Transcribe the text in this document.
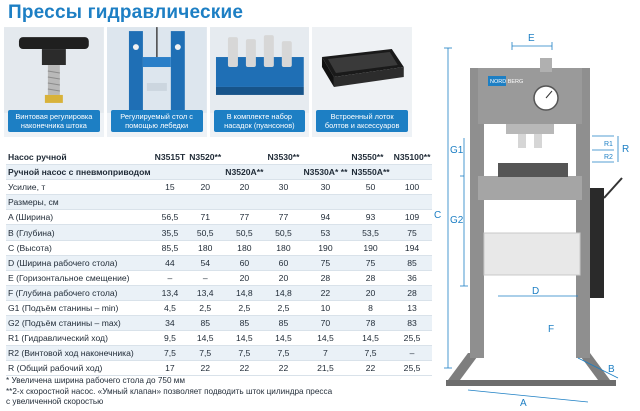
Прессы гидравлические
Винтовая регулировка наконечника штока
Регулируемый стол с помощью лебедки
В комплекте набор насадок (пуансонов)
Встроенный лоток болтов и аксессуаров
Насос ручной	N3515T	N3520**		N3530**		N3550**	N35100**
Ручной насос с пневмоприводом			N3520A**		N3530A* **	N3550A**	
Усилие, т	15	20	20	30	30	50	100
Размеры, см							
A (Ширина)	56,5	71	77	77	94	93	109
B (Глубина)	35,5	50,5	50,5	50,5	53	53,5	75
C (Высота)	85,5	180	180	180	190	190	194
D (Ширина рабочего стола)	44	54	60	60	75	75	85
E (Горизонтальное смещение)	–	–	20	20	28	28	36
F (Глубина рабочего стола)	13,4	13,4	14,8	14,8	22	20	28
G1 (Подъём станины – min)	4,5	2,5	2,5	2,5	10	8	13
G2 (Подъём станины – max)	34	85	85	85	70	78	83
R1 (Гидравлический ход)	9,5	14,5	14,5	14,5	14,5	14,5	25,5
R2 (Винтовой ход наконечника)	7,5	7,5	7,5	7,5	7	7,5	–
R (Общий рабочий ход)	17	22	22	22	21,5	22	25,5
* Увеличена ширина рабочего стола до 750 мм
**2-х скоростной насос. «Умный клапан» позволяет подводить шток цилиндра пресса
с увеличенной скоростью
NORD BERG
E
G1
R1
R2
R
G2
C
D
F
B
A
